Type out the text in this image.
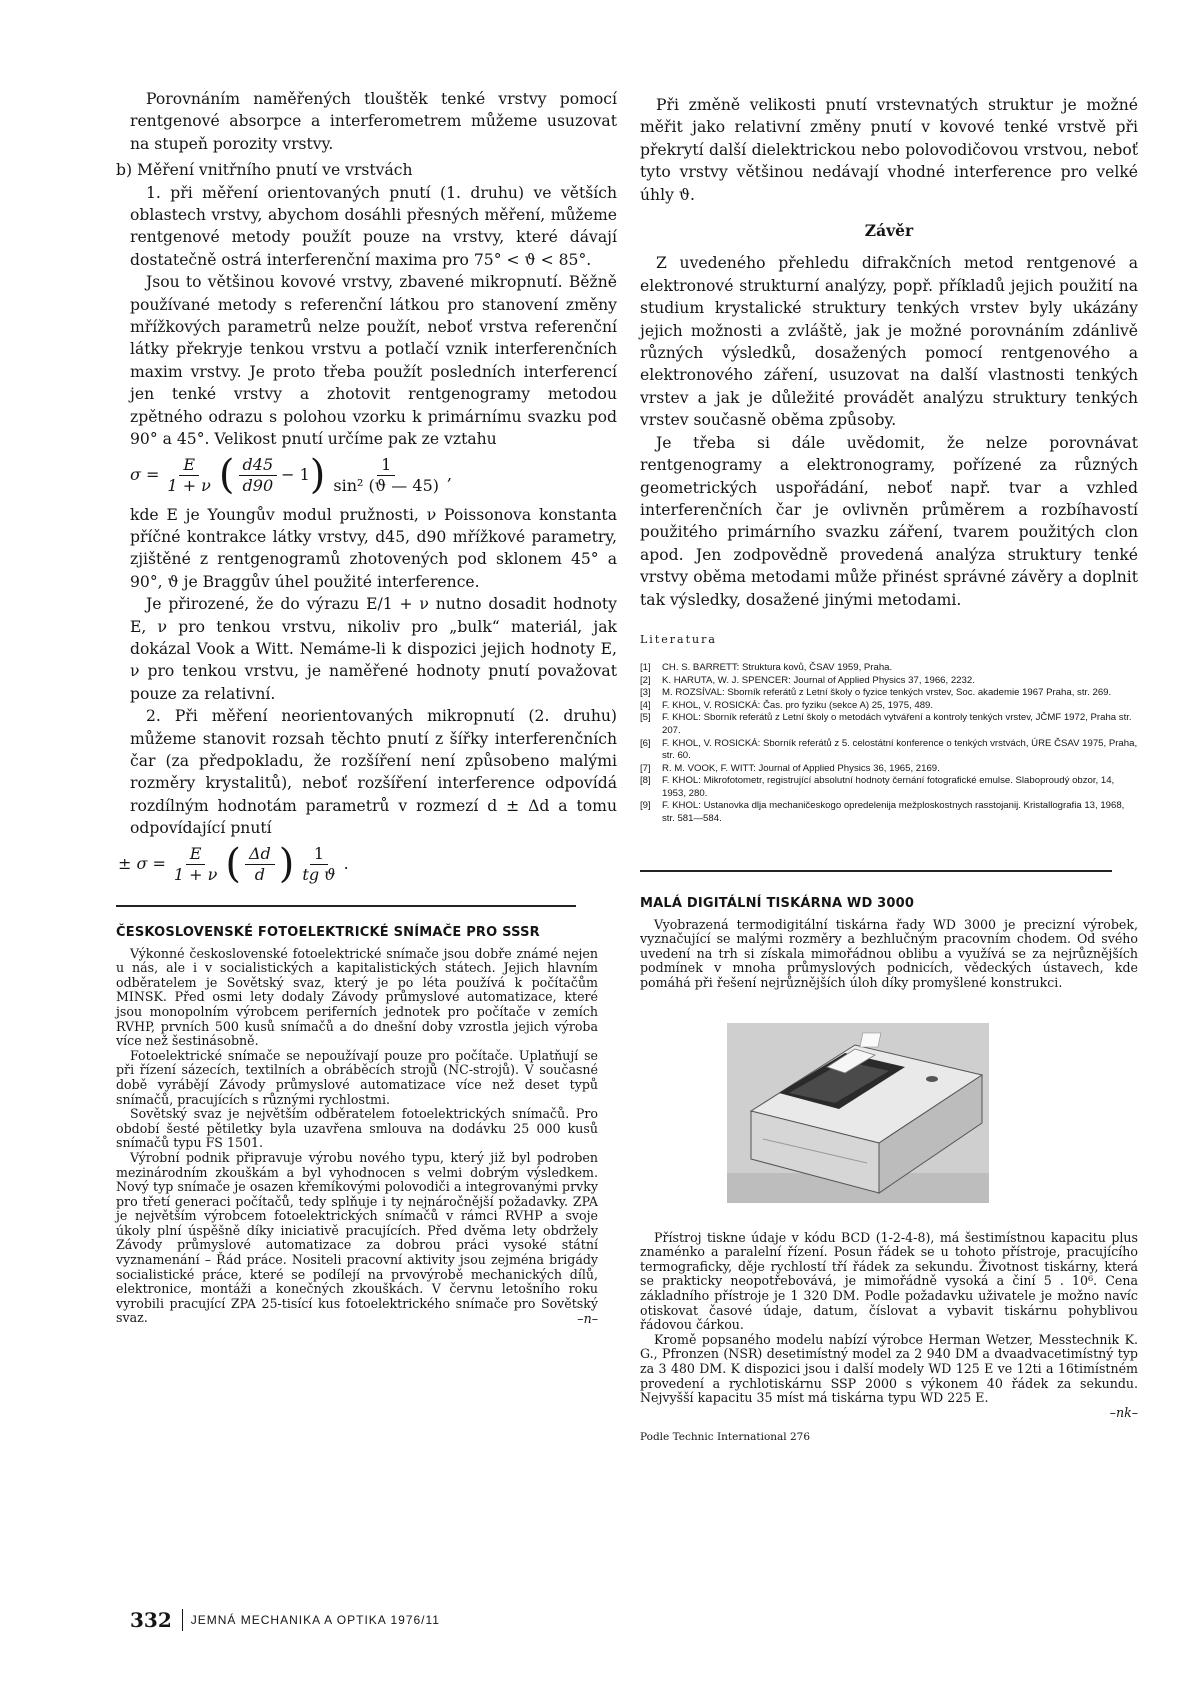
Porovnáním naměřených tlouštěk tenké vrstvy pomocí rentgenové absorpce a interferometrem můžeme usuzovat na stupeň porozity vrstvy.

b) Měření vnitřního pnutí ve vrstvách

1. při měření orientovaných pnutí (1. druhu) ve větších oblastech vrstvy, abychom dosáhli přesných měření, můžeme rentgenové metody použít pouze na vrstvy, které dávají dostatečně ostrá interferenční maxima pro 75° < ϑ < 85°.

Jsou to většinou kovové vrstvy, zbavené mikropnutí. Běžně používané metody s referenční látkou pro stanovení změny mřížkových parametrů nelze použít, neboť vrstva referenční látky překryje tenkou vrstvu a potlačí vznik interferenčních maxim vrstvy. Je proto třeba použít posledních interferencí jen tenké vrstvy a zhotovit rentgenogramy metodou zpětného odrazu s polohou vzorku k primárnímu svazku pod 90° a 45°. Velikost pnutí určíme pak ze vztahu

$\sigma = \frac{E}{1 + \nu}$ ( $\frac{d45}{d90} - 1$ ) $\frac{1}{\text{sin² (ϑ — 45)}}$ ,

kde E je Youngův modul pružnosti, ν Poissonova konstanta příčné kontrakce látky vrstvy, d45, d90 mřížkové parametry, zjištěné z rentgenogramů zhotovených pod sklonem 45° a 90°, ϑ je Braggův úhel použité interference.

Je přirozené, že do výrazu E/1 + ν nutno dosadit hodnoty E, ν pro tenkou vrstvu, nikoliv pro „bulk“ materiál, jak dokázal Vook a Witt. Nemáme-li k dispozici jejich hodnoty E, ν pro tenkou vrstvu, je naměřené hodnoty pnutí považovat pouze za relativní.

2. Při měření neorientovaných mikropnutí (2. druhu) můžeme stanovit rozsah těchto pnutí z šířky interferenčních čar (za předpokladu, že rozšíření není způsobeno malými rozměry krystalitů), neboť rozšíření interference odpovídá rozdílným hodnotám parametrů v rozmezí d ± Δd a tomu odpovídající pnutí

± $\sigma = \frac{E}{1 + \nu}$ ( $\frac{\Delta d}{d}$ ) $\frac{1}{\text{tg ϑ}}$ .
ČESKOSLOVENSKÉ FOTOELEKTRICKÉ SNÍMAČE PRO SSSR

Výkonné československé fotoelektrické snímače jsou dobře známé nejen u nás, ale i v socialistických a kapitalistických státech. Jejich hlavním odběratelem je Sovětský svaz, který je po léta používá k počítačům MINSK. Před osmi lety dodaly Závody průmyslové automatizace, které jsou monopolním výrobcem periferních jednotek pro počítače v zemích RVHP, prvních 500 kusů snímačů a do dnešní doby vzrostla jejich výroba více než šestinásobně.

Fotoelektrické snímače se nepoužívají pouze pro počítače. Uplatňují se při řízení sázecích, textilních a obráběcích strojů (NC-strojů). V současné době vyrábějí Závody průmyslové automatizace více než deset typů snímačů, pracujících s různými rychlostmi.

Sovětský svaz je největším odběratelem fotoelektrických snímačů. Pro období šesté pětiletky byla uzavřena smlouva na dodávku 25 000 kusů snímačů typu FS 1501.

Výrobní podnik připravuje výrobu nového typu, který již byl podroben mezinárodním zkouškám a byl vyhodnocen s velmi dobrým výsledkem. Nový typ snímače je osazen křemíkovými polovodiči a integrovanými prvky pro třetí generaci počítačů, tedy splňuje i ty nejnáročnější požadavky. ZPA je největším výrobcem fotoelektrických snímačů v rámci RVHP a svoje úkoly plní úspěšně díky iniciativě pracujících. Před dvěma lety obdržely Závody průmyslové automatizace za dobrou práci vysoké státní vyznamenání – Řád práce. Nositeli pracovní aktivity jsou zejména brigády socialistické práce, které se podílejí na prvovýrobě mechanických dílů, elektronice, montáži a konečných zkouškách. V červnu letošního roku vyrobili pracující ZPA 25-tisící kus fotoelektrického snímače pro Sovětský svaz.	–n–

Při změně velikosti pnutí vrstevnatých struktur je možné měřit jako relativní změny pnutí v kovové tenké vrstvě při překrytí další dielektrickou nebo polovodičovou vrstvou, neboť tyto vrstvy většinou nedávají vhodné interference pro velké úhly ϑ.

Závěr

Z uvedeného přehledu difrakčních metod rentgenové a elektronové strukturní analýzy, popř. příkladů jejich použití na studium krystalické struktury tenkých vrstev byly ukázány jejich možnosti a zvláště, jak je možné porovnáním zdánlivě různých výsledků, dosažených pomocí rentgenového a elektronového záření, usuzovat na další vlastnosti tenkých vrstev a jak je důležité provádět analýzu struktury tenkých vrstev současně oběma způsoby.

Je třeba si dále uvědomit, že nelze porovnávat rentgenogramy a elektronogramy, pořízené za různých geometrických uspořádání, neboť např. tvar a vzhled interferenčních čar je ovlivněn průměrem a rozbíhavostí použitého primárního svazku záření, tvarem použitých clon apod. Jen zodpovědně provedená analýza struktury tenké vrstvy oběma metodami může přinést správné závěry a doplnit tak výsledky, dosažené jinými metodami.

Literatura
[1]	CH. S. BARRETT: Struktura kovů, ČSAV 1959, Praha.
[2]	K. HARUTA, W. J. SPENCER: Journal of Applied Physics 37, 1966, 2232.
[3]	M. ROZSÍVAL: Sborník referátů z Letní školy o fyzice tenkých vrstev, Soc. akademie 1967 Praha, str. 269.
[4]	F. KHOL, V. ROSICKÁ: Čas. pro fyziku (sekce A) 25, 1975, 489.
[5]	F. KHOL: Sborník referátů z Letní školy o metodách vytváření a kontroly tenkých vrstev, JČMF 1972, Praha str. 207.
[6]	F. KHOL, V. ROSICKÁ: Sborník referátů z 5. celostátní konference o tenkých vrstvách, ÚRE ČSAV 1975, Praha, str. 60.
[7]	R. M. VOOK, F. WITT: Journal of Applied Physics 36, 1965, 2169.
[8]	F. KHOL: Mikrofotometr, registrující absolutní hodnoty černání fotografické emulse. Slaboproudý obzor, 14, 1953, 280.
[9]	F. KHOL: Ustanovka dlja mechaničeskogo opredelenija mežploskostnych rasstojanij. Kristallografia 13, 1968, str. 581—584.
MALÁ DIGITÁLNÍ TISKÁRNA WD 3000

Vyobrazená termodigitální tiskárna řady WD 3000 je precizní výrobek, vyznačující se malými rozměry a bezhlučným pracovním chodem. Od svého uvedení na trh si získala mimořádnou oblibu a využívá se za nejrůznějších podmínek v mnoha průmyslových podnicích, vědeckých ústavech, kde pomáhá při řešení nejrůznějších úloh díky promyšlené konstrukci.

Přístroj tiskne údaje v kódu BCD (1-2-4-8), má šestimístnou kapacitu plus znaménko a paralelní řízení. Posun řádek se u tohoto přístroje, pracujícího termograficky, děje rychlostí tří řádek za sekundu. Životnost tiskárny, která se prakticky neopotřebovává, je mimořádně vysoká a činí 5 . 10⁶. Cena základního přístroje je 1 320 DM. Podle požadavku uživatele je možno navíc otiskovat časové údaje, datum, číslovat a vybavit tiskárnu pohyblivou řádovou čárkou.

Kromě popsaného modelu nabízí výrobce Herman Wetzer, Messtechnik K. G., Pfronzen (NSR) desetimístný model za 2 940 DM a dvaadvacetimístný typ za 3 480 DM. K dispozici jsou i další modely WD 125 E ve 12ti a 16timístném provedení a rychlotiskárnu SSP 2000 s výkonem 40 řádek za sekundu. Nejvyšší kapacitu 35 míst má tiskárna typu WD 225 E.

–nk–
Podle Technic International 276
332 JEMNÁ MECHANIKA A OPTIKA 1976/11
